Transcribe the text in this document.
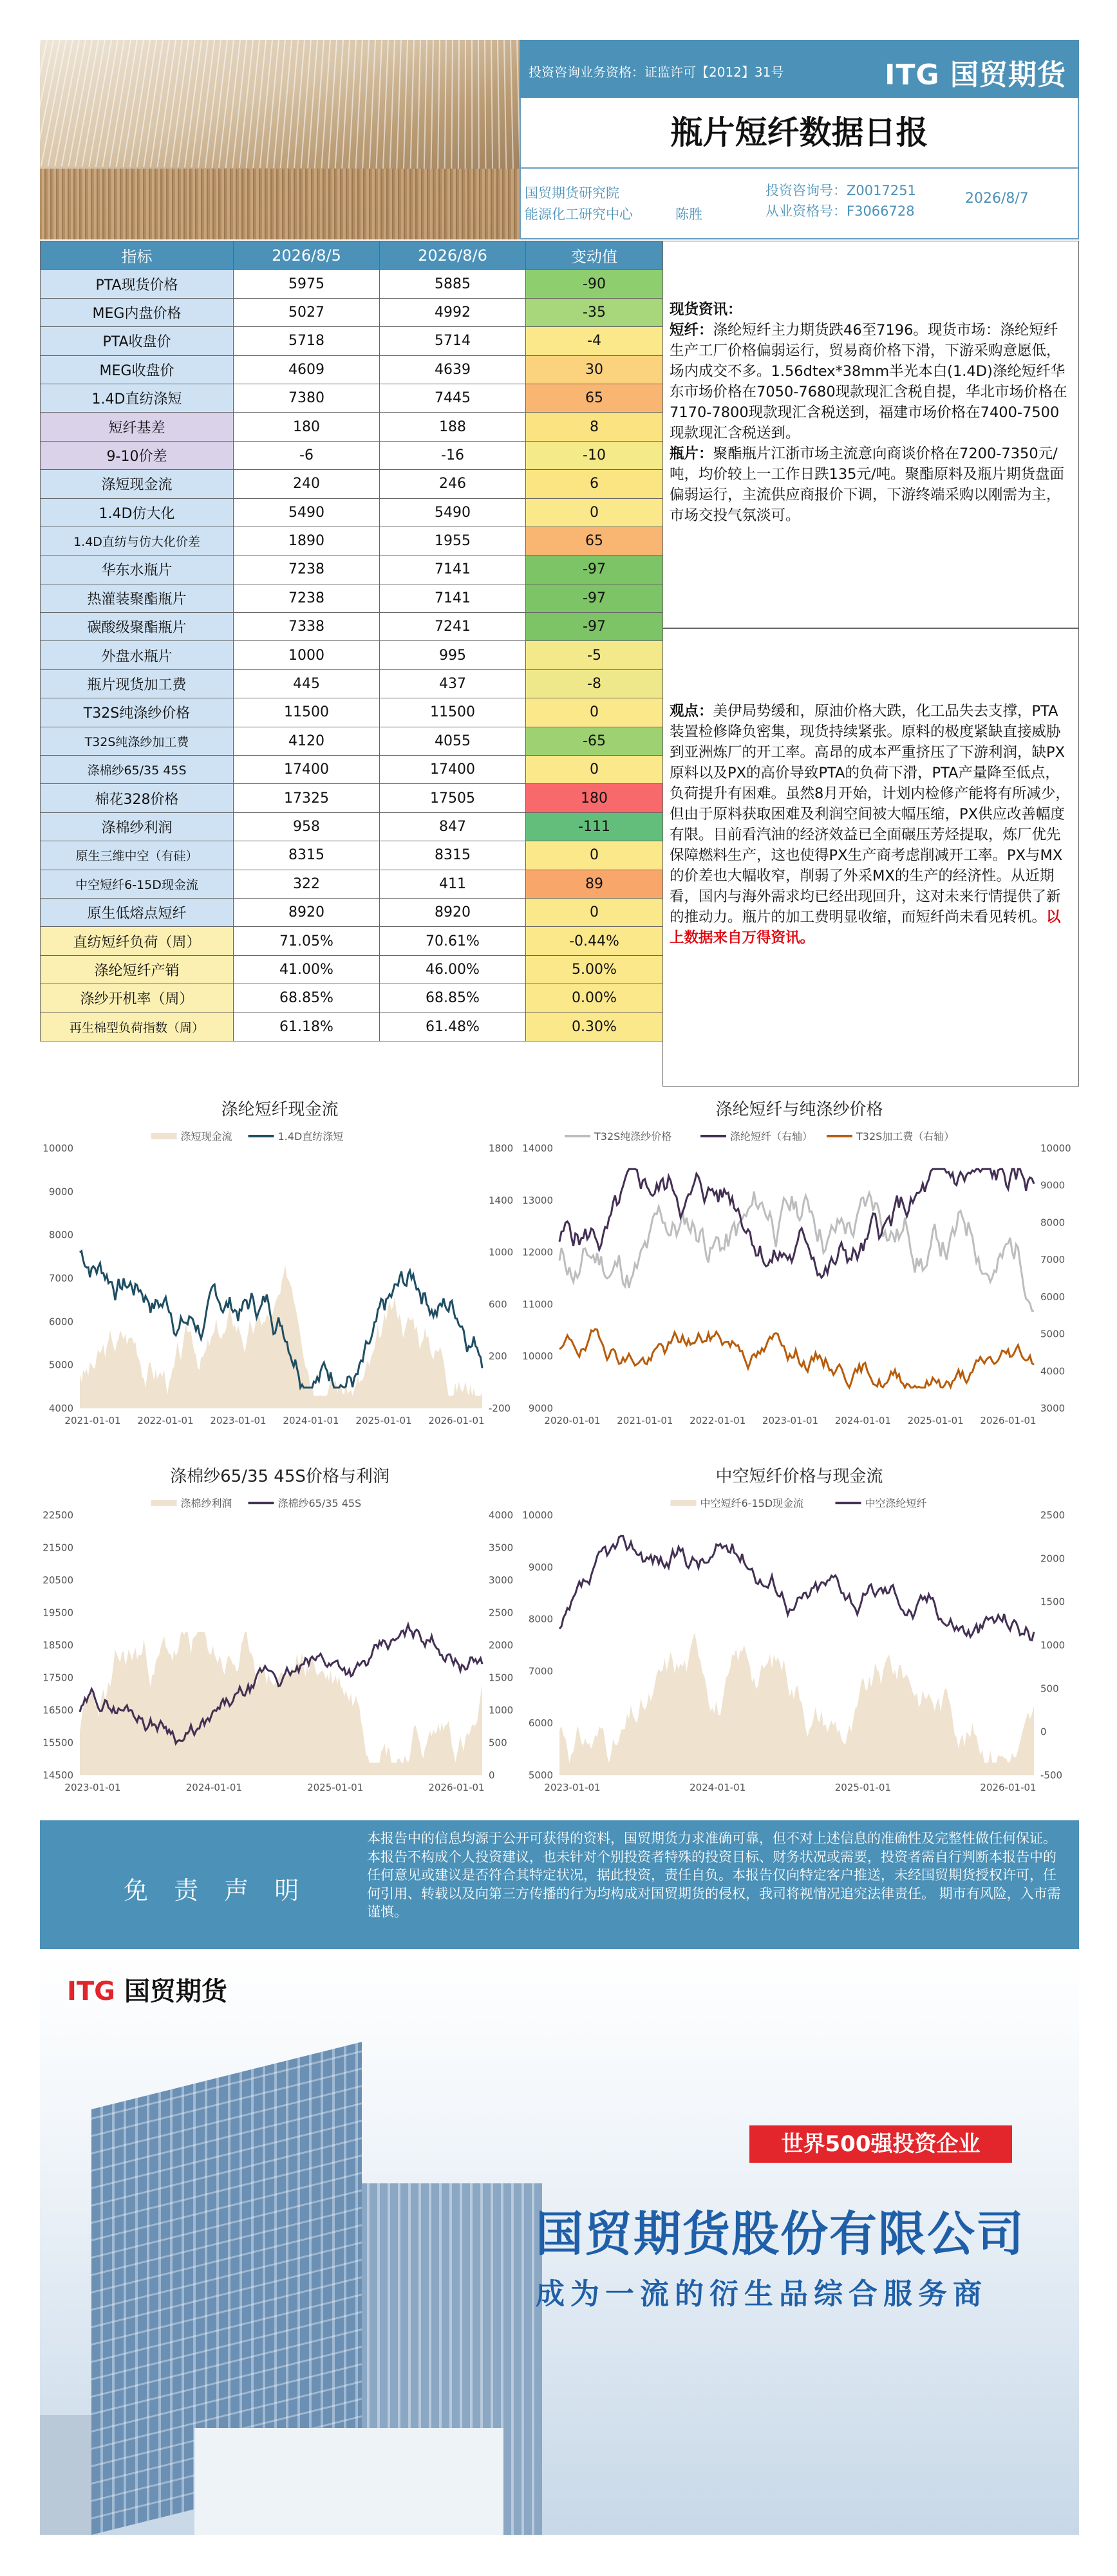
投资咨询业务资格：证监许可【2012】31号	ITG 国贸期货
瓶片短纤数据日报
国贸期货研究院
能源化工研究中心	陈胜
投资咨询号：Z0017251
从业资格号：F3066728
2026/8/7
指标	2026/8/5	2026/8/6	变动值
PTA现货价格	5975	5885	-90
MEG内盘价格	5027	4992	-35
PTA收盘价	5718	5714	-4
MEG收盘价	4609	4639	30
1.4D直纺涤短	7380	7445	65
短纤基差	180	188	8
9-10价差	-6	-16	-10
涤短现金流	240	246	6
1.4D仿大化	5490	5490	0
1.4D直纺与仿大化价差	1890	1955	65
华东水瓶片	7238	7141	-97
热灌装聚酯瓶片	7238	7141	-97
碳酸级聚酯瓶片	7338	7241	-97
外盘水瓶片	1000	995	-5
瓶片现货加工费	445	437	-8
T32S纯涤纱价格	11500	11500	0
T32S纯涤纱加工费	4120	4055	-65
涤棉纱65/35 45S	17400	17400	0
棉花328价格	17325	17505	180
涤棉纱利润	958	847	-111
原生三维中空（有硅）	8315	8315	0
中空短纤6-15D现金流	322	411	89
原生低熔点短纤	8920	8920	0
直纺短纤负荷（周）	71.05%	70.61%	-0.44%
涤纶短纤产销	41.00%	46.00%	5.00%
涤纱开机率（周）	68.85%	68.85%	0.00%
再生棉型负荷指数（周）	61.18%	61.48%	0.30%
现货资讯：
短纤：涤纶短纤主力期货跌46至7196。现货市场：涤纶短纤生产工厂价格偏弱运行，贸易商价格下滑，下游采购意愿低，场内成交不多。1.56dtex*38mm半光本白(1.4D)涤纶短纤华东市场价格在7050-7680现款现汇含税自提，华北市场价格在7170-7800现款现汇含税送到，福建市场价格在7400-7500现款现汇含税送到。
瓶片：聚酯瓶片江浙市场主流意向商谈价格在7200-7350元/吨，均价较上一工作日跌135元/吨。聚酯原料及瓶片期货盘面偏弱运行，主流供应商报价下调，下游终端采购以刚需为主，市场交投气氛淡可。
观点：美伊局势缓和，原油价格大跌，化工品失去支撑，PTA装置检修降负密集，现货持续紧张。原料的极度紧缺直接威胁到亚洲炼厂的开工率。高昂的成本严重挤压了下游利润，缺PX原料以及PX的高价导致PTA的负荷下滑，PTA产量降至低点，负荷提升有困难。虽然8月开始，计划内检修产能将有所减少，但由于原料获取困难及利润空间被大幅压缩，PX供应改善幅度有限。目前看汽油的经济效益已全面碾压芳烃提取，炼厂优先保障燃料生产，这也使得PX生产商考虑削减开工率。PX与MX的价差也大幅收窄，削弱了外采MX的生产的经济性。从近期看，国内与海外需求均已经出现回升，这对未来行情提供了新的推动力。瓶片的加工费明显收缩，而短纤尚未看见转机。以上数据来自万得资讯。
涤纶短纤现金流
涤短现金流	1.4D直纺涤短
10000
9000
8000
7000
6000
5000
4000
1800
1400
1000
600
200
-200
2021-01-01 2022-01-01 2023-01-01 2024-01-01 2025-01-01 2026-01-01
涤纶短纤与纯涤纱价格
T32S纯涤纱价格	涤纶短纤（右轴）	T32S加工费（右轴）
14000
13000
12000
11000
10000
9000
10000
9000
8000
7000
6000
5000
4000
3000
2020-01-01 2021-01-01 2022-01-01 2023-01-01 2024-01-01 2025-01-01 2026-01-01
涤棉纱65/35 45S价格与利润
涤棉纱利润	涤棉纱65/35 45S
22500
21500
20500
19500
18500
17500
16500
15500
14500
4000
3500
3000
2500
2000
1500
1000
500
0
2023-01-01	2024-01-01	2025-01-01	2026-01-01
中空短纤价格与现金流
中空短纤6-15D现金流	中空涤纶短纤
10000
9000
8000
7000
6000
5000
2500
2000
1500
1000
500
0
-500
2023-01-01	2024-01-01	2025-01-01	2026-01-01
免 责 声 明
本报告中的信息均源于公开可获得的资料，国贸期货力求准确可靠，但不对上述信息的准确性及完整性做任何保证。本报告不构成个人投资建议，也未针对个别投资者特殊的投资目标、财务状况或需要，投资者需自行判断本报告中的任何意见或建议是否符合其特定状况，据此投资，责任自负。本报告仅向特定客户推送，未经国贸期货授权许可，任何引用、转载以及向第三方传播的行为均构成对国贸期货的侵权，我司将视情况追究法律责任。 期市有风险，入市需谨慎。
ITG 国贸期货
世界500强投资企业
国贸期货股份有限公司
成为一流的衍生品综合服务商
